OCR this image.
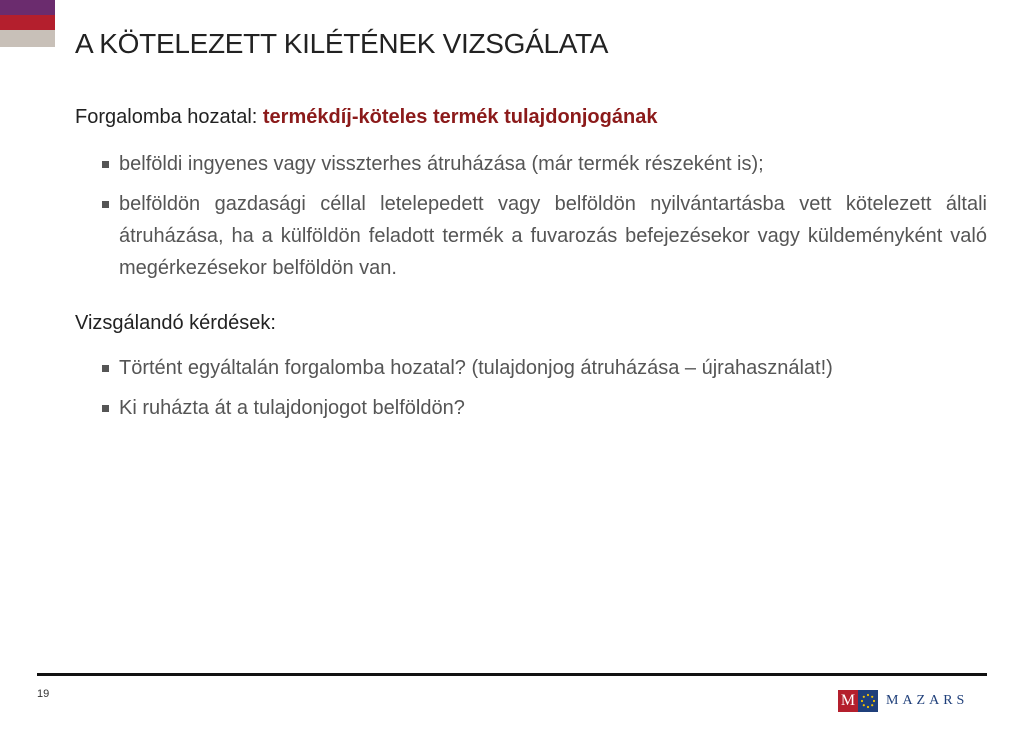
A KÖTELEZETT KILÉTÉNEK VIZSGÁLATA

Forgalomba hozatal: termékdíj-köteles termék tulajdonjogának

belföldi ingyenes vagy visszterhes átruházása (már termék részeként is);
belföldön gazdasági céllal letelepedett vagy belföldön nyilvántartásba vett kötelezett általi átruházása, ha a külföldön feladott termék a fuvarozás befejezésekor vagy küldeményként való megérkezésekor belföldön van.

Vizsgálandó kérdések:

Történt egyáltalán forgalomba hozatal? (tulajdonjog átruházása – újrahasználat!)
Ki ruházta át a tulajdonjogot belföldön?
19	M MAZARS
